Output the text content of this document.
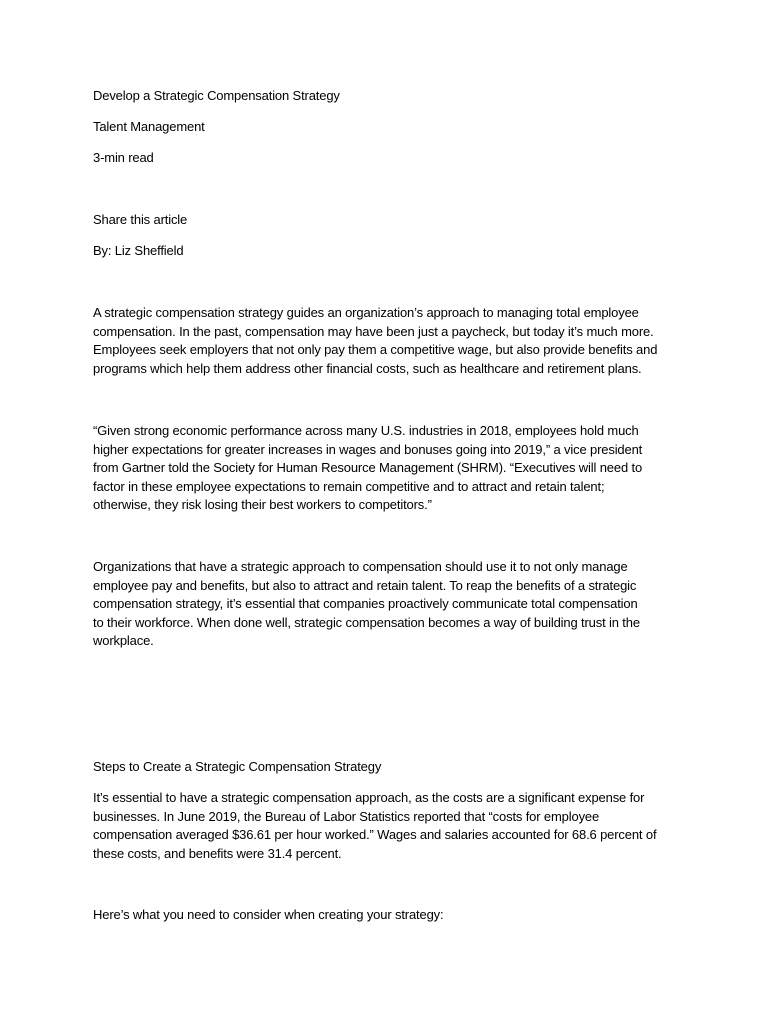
Develop a Strategic Compensation Strategy
Talent Management
3-min read
Share this article
By: Liz Sheffield
A strategic compensation strategy guides an organization’s approach to managing total employee
compensation. In the past, compensation may have been just a paycheck, but today it’s much more.
Employees seek employers that not only pay them a competitive wage, but also provide benefits and
programs which help them address other financial costs, such as healthcare and retirement plans.
“Given strong economic performance across many U.S. industries in 2018, employees hold much
higher expectations for greater increases in wages and bonuses going into 2019,” a vice president
from Gartner told the Society for Human Resource Management (SHRM). “Executives will need to
factor in these employee expectations to remain competitive and to attract and retain talent;
otherwise, they risk losing their best workers to competitors.”
Organizations that have a strategic approach to compensation should use it to not only manage
employee pay and benefits, but also to attract and retain talent. To reap the benefits of a strategic
compensation strategy, it’s essential that companies proactively communicate total compensation
to their workforce. When done well, strategic compensation becomes a way of building trust in the
workplace.
Steps to Create a Strategic Compensation Strategy
It’s essential to have a strategic compensation approach, as the costs are a significant expense for
businesses. In June 2019, the Bureau of Labor Statistics reported that “costs for employee
compensation averaged $36.61 per hour worked.” Wages and salaries accounted for 68.6 percent of
these costs, and benefits were 31.4 percent.
Here’s what you need to consider when creating your strategy:
